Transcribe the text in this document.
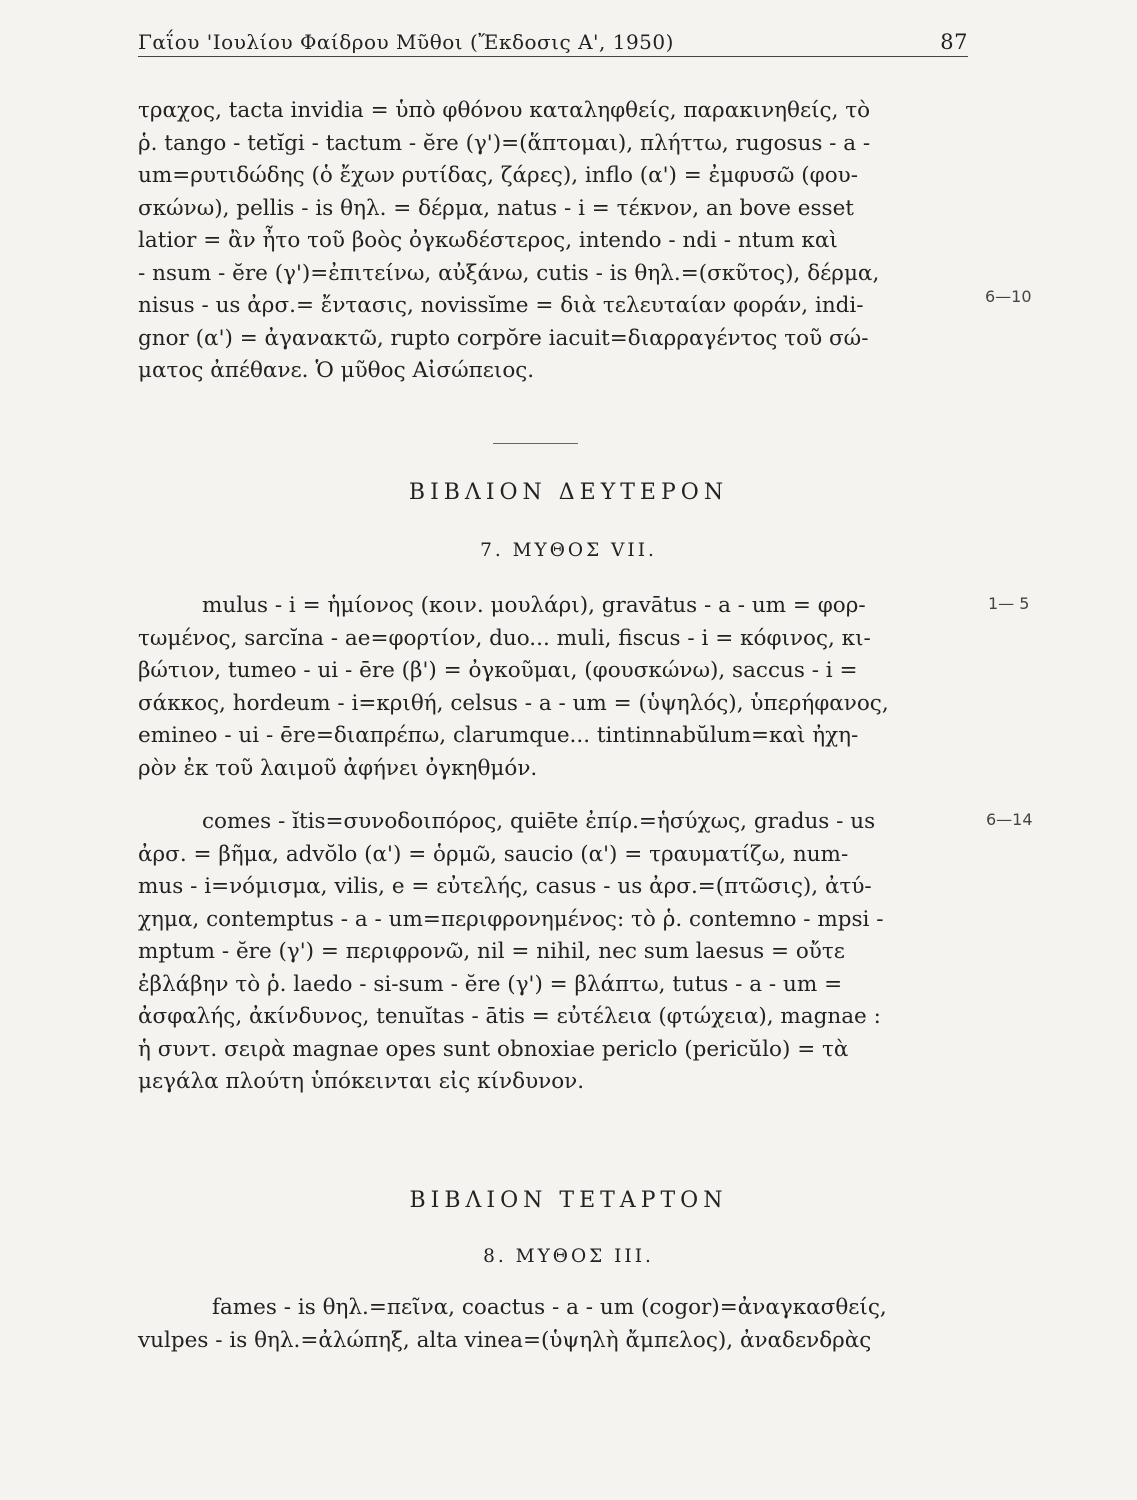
Γαΐου 'Ιουλίου Φαίδρου Μῦθοι (Ἔκδοσις Α', 1950)	87

τραχος, tacta invidia = ὑπὸ φθόνου καταληφθείς, παρακινηθείς, τὸ
ῥ. tango - tetĭgi - tactum - ĕre (γ')=(ἅπτομαι), πλήττω, rugosus - a -
um=ρυτιδώδης (ὁ ἔχων ρυτίδας, ζάρες), inflo (α') = ἐμφυσῶ (φου-
σκώνω), pellis - is θηλ. = δέρμα, natus - i = τέκνον, an bove esset
latior = ἂν ἦτο τοῦ βοὸς ὀγκωδέστερος, intendo - ndi - ntum καὶ
- nsum - ĕre (γ')=ἐπιτείνω, αὐξάνω, cutis - is θηλ.=(σκῦτος), δέρμα,
nisus - us ἀρσ.= ἔντασις, novissĭme = διὰ τελευταίαν φοράν, indi-
gnor (α') = ἀγανακτῶ, rupto corpŏre iacuit=διαρραγέντος τοῦ σώ-
ματος ἀπέθανε. Ὁ μῦθος Αἰσώπειος.

6—10
ΒΙΒΛΙΟΝ ΔΕΥΤΕΡΟΝ
7. ΜΥΘΟΣ VII.

mulus - i = ἡμίονος (κοιν. μουλάρι), gravātus - a - um = φορ-
τωμένος, sarcĭna - ae=φορτίον, duo... muli, fiscus - i = κόφινος, κι-
βώτιον, tumeo - ui - ēre (β') = ὀγκοῦμαι, (φουσκώνω), saccus - i =
σάκκος, hordeum - i=κριθή, celsus - a - um = (ὑψηλός), ὑπερήφανος,
emineo - ui - ēre=διαπρέπω, clarumque... tintinnabŭlum=καὶ ἠχη-
ρὸν ἐκ τοῦ λαιμοῦ ἀφήνει ὀγκηθμόν.

1— 5

comes - ĭtis=συνοδοιπόρος, quiēte ἐπίρ.=ἡσύχως, gradus - us
ἀρσ. = βῆμα, advŏlo (α') = ὁρμῶ, saucio (α') = τραυματίζω, num-
mus - i=νόμισμα, vilis, e = εὐτελής, casus - us ἀρσ.=(πτῶσις), ἀτύ-
χημα, contemptus - a - um=περιφρονημένος: τὸ ῥ. contemno - mpsi -
mptum - ĕre (γ') = περιφρονῶ, nil = nihil, nec sum laesus = οὔτε
ἐβλάβην τὸ ῥ. laedo - si-sum - ĕre (γ') = βλάπτω, tutus - a - um =
ἀσφαλής, ἀκίνδυνος, tenuĭtas - ātis = εὐτέλεια (φτώχεια), magnae :
ἡ συντ. σειρὰ magnae opes sunt obnoxiae periclo (pericŭlo) = τὰ
μεγάλα πλούτη ὑπόκεινται εἰς κίνδυνον.

6—14
ΒΙΒΛΙΟΝ ΤΕΤΑΡΤΟΝ
8. ΜΥΘΟΣ III.

fames - is θηλ.=πεῖνα, coactus - a - um (cogor)=ἀναγκασθείς,
vulpes - is θηλ.=ἀλώπηξ, alta vinea=(ὑψηλὴ ἄμπελος), ἀναδενδρὰς
